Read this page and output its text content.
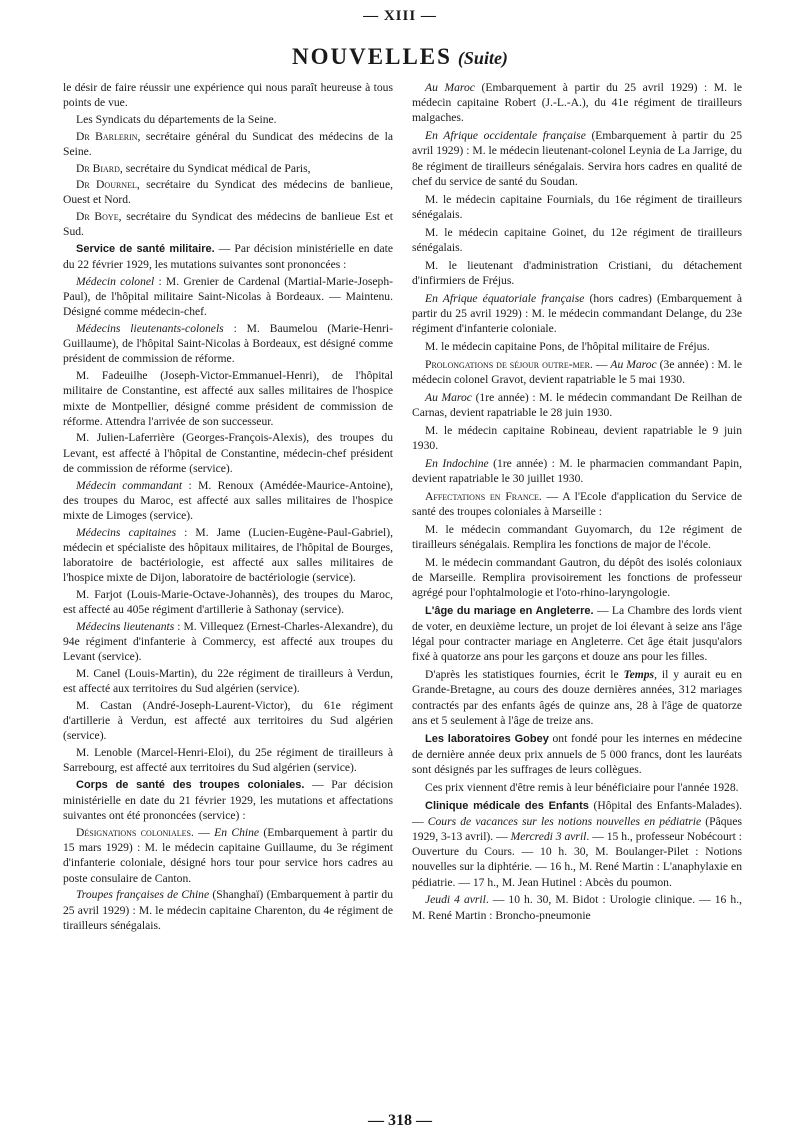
— XIII —
NOUVELLES (Suite)

le désir de faire réussir une expérience qui nous paraît heureuse à tous points de vue.

Les Syndicats du départements de la Seine.

Dr Barlerin, secrétaire général du Sundicat des médecins de la Seine.

Dr Biard, secrétaire du Syndicat médical de Paris,

Dr Dournel, secrétaire du Syndicat des médecins de banlieue, Ouest et Nord.

Dr Boye, secrétaire du Syndicat des médecins de banlieue Est et Sud.

Service de santé militaire. — Par décision ministérielle en date du 22 février 1929, les mutations suivantes sont prononcées :

Médecin colonel : M. Grenier de Cardenal (Martial-Marie-Joseph-Paul), de l'hôpital militaire Saint-Nicolas à Bordeaux. — Maintenu. Désigné comme médecin-chef.

Médecins lieutenants-colonels : M. Baumelou (Marie-Henri-Guillaume), de l'hôpital Saint-Nicolas à Bordeaux, est désigné comme président de commission de réforme.

M. Fadeuilhe (Joseph-Victor-Emmanuel-Henri), de l'hôpital militaire de Constantine, est affecté aux salles militaires de l'hospice mixte de Montpellier, désigné comme président de commission de réforme. Attendra l'arrivée de son successeur.

M. Julien-Laferrière (Georges-François-Alexis), des troupes du Levant, est affecté à l'hôpital de Constantine, médecin-chef président de commission de réforme (service).

Médecin commandant : M. Renoux (Amédée-Maurice-Antoine), des troupes du Maroc, est affecté aux salles militaires de l'hospice mixte de Limoges (service).

Médecins capitaines : M. Jame (Lucien-Eugène-Paul-Gabriel), médecin et spécialiste des hôpitaux militaires, de l'hôpital de Bourges, laboratoire de bactériologie, est affecté aux salles militaires de l'hospice mixte de Dijon, laboratoire de bactériologie (service).

M. Farjot (Louis-Marie-Octave-Johannès), des troupes du Maroc, est affecté au 405e régiment d'artillerie à Sathonay (service).

Médecins lieutenants : M. Villequez (Ernest-Charles-Alexandre), du 94e régiment d'infanterie à Commercy, est affecté aux troupes du Levant (service).

M. Canel (Louis-Martin), du 22e régiment de tirailleurs à Verdun, est affecté aux territoires du Sud algérien (service).

M. Castan (André-Joseph-Laurent-Victor), du 61e régiment d'artillerie à Verdun, est affecté aux territoires du Sud algérien (service).

M. Lenoble (Marcel-Henri-Eloi), du 25e régiment de tirailleurs à Sarrebourg, est affecté aux territoires du Sud algérien (service).

Corps de santé des troupes coloniales. — Par décision ministérielle en date du 21 février 1929, les mutations et affectations suivantes ont été prononcées (service) :

Désignations coloniales. — En Chine (Embarquement à partir du 15 mars 1929) : M. le médecin capitaine Guillaume, du 3e régiment d'infanterie coloniale, désigné hors tour pour service hors cadres au poste consulaire de Canton.

Troupes françaises de Chine (Shanghaï) (Embarquement à partir du 25 avril 1929) : M. le médecin capitaine Charenton, du 4e régiment de tirailleurs sénégalais.

Au Maroc (Embarquement à partir du 25 avril 1929) : M. le médecin capitaine Robert (J.-L.-A.), du 41e régiment de tirailleurs malgaches.

En Afrique occidentale française (Embarquement à partir du 25 avril 1929) : M. le médecin lieutenant-colonel Leynia de La Jarrige, du 8e régiment de tirailleurs sénégalais. Servira hors cadres en qualité de chef du service de santé du Soudan.

M. le médecin capitaine Fournials, du 16e régiment de tirailleurs sénégalais.

M. le médecin capitaine Goinet, du 12e régiment de tirailleurs sénégalais.

M. le lieutenant d'administration Cristiani, du détachement d'infirmiers de Fréjus.

En Afrique équatoriale française (hors cadres) (Embarquement à partir du 25 avril 1929) : M. le médecin commandant Delange, du 23e régiment d'infanterie coloniale.

M. le médecin capitaine Pons, de l'hôpital militaire de Fréjus.

Prolongations de séjour outre-mer. — Au Maroc (3e année) : M. le médecin colonel Gravot, devient rapatriable le 5 mai 1930.

Au Maroc (1re année) : M. le médecin commandant De Reilhan de Carnas, devient rapatriable le 28 juin 1930.

M. le médecin capitaine Robineau, devient rapatriable le 9 juin 1930.

En Indochine (1re année) : M. le pharmacien commandant Papin, devient rapatriable le 30 juillet 1930.

Affectations en France. — A l'Ecole d'application du Service de santé des troupes coloniales à Marseille :

M. le médecin commandant Guyomarch, du 12e régiment de tirailleurs sénégalais. Remplira les fonctions de major de l'école.

M. le médecin commandant Gautron, du dépôt des isolés coloniaux de Marseille. Remplira provisoirement les fonctions de professeur agrégé pour l'ophtalmologie et l'oto-rhino-laryngologie.

L'âge du mariage en Angleterre. — La Chambre des lords vient de voter, en deuxième lecture, un projet de loi élevant à seize ans l'âge légal pour contracter mariage en Angleterre. Cet âge était jusqu'alors fixé à quatorze ans pour les garçons et douze ans pour les filles.

D'après les statistiques fournies, écrit le Temps, il y aurait eu en Grande-Bretagne, au cours des douze dernières années, 312 mariages contractés par des enfants âgés de quinze ans, 28 à l'âge de quatorze ans et 5 seulement à l'âge de treize ans.

Les laboratoires Gobey ont fondé pour les internes en médecine de dernière année deux prix annuels de 5 000 francs, dont les lauréats sont désignés par les suffrages de leurs collègues.

Ces prix viennent d'être remis à leur bénéficiaire pour l'année 1928.

Clinique médicale des Enfants (Hôpital des Enfants-Malades). — Cours de vacances sur les notions nouvelles en pédiatrie (Pâques 1929, 3-13 avril). — Mercredi 3 avril. — 15 h., professeur Nobécourt : Ouverture du Cours. — 10 h. 30, M. Boulanger-Pilet : Notions nouvelles sur la diphtérie. — 16 h., M. René Martin : L'anaphylaxie en pédiatrie. — 17 h., M. Jean Hutinel : Abcès du poumon.

Jeudi 4 avril. — 10 h. 30, M. Bidot : Urologie clinique. — 16 h., M. René Martin : Broncho-pneumonie

— 318 —
